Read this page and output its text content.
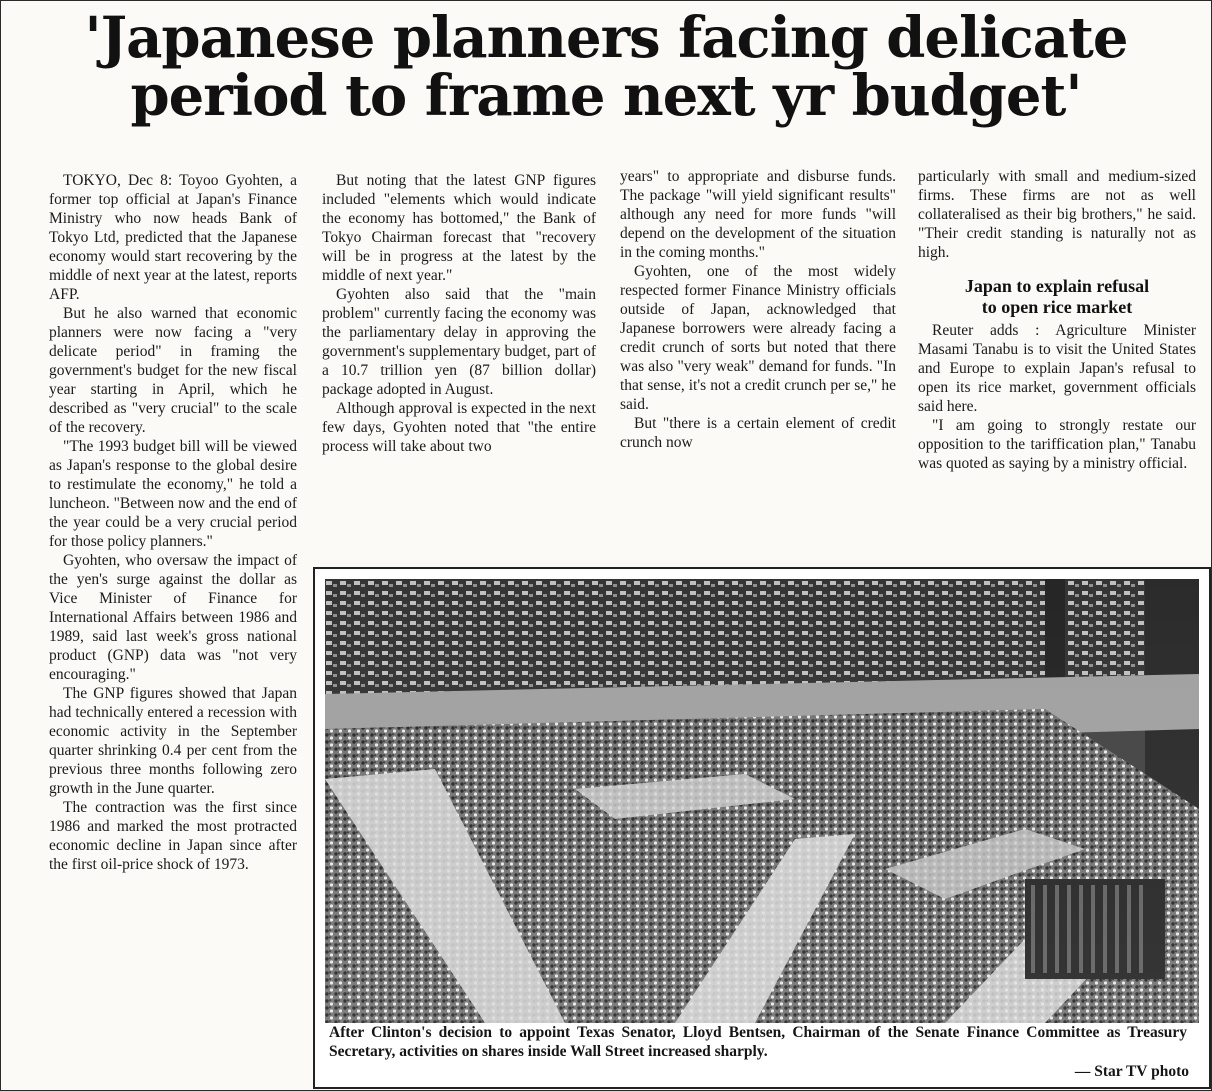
'Japanese planners facing delicate
period to frame next yr budget'

TOKYO, Dec 8: Toyoo Gyohten, a former top official at Japan's Finance Ministry who now heads Bank of Tokyo Ltd, predicted that the Japanese economy would start recovering by the middle of next year at the latest, reports AFP.

But he also warned that economic planners were now facing a "very delicate period" in framing the government's budget for the new fiscal year starting in April, which he described as "very crucial" to the scale of the recovery.

"The 1993 budget bill will be viewed as Japan's response to the global desire to restimulate the economy," he told a luncheon. "Between now and the end of the year could be a very crucial period for those policy planners."

Gyohten, who oversaw the impact of the yen's surge against the dollar as Vice Minister of Finance for International Affairs between 1986 and 1989, said last week's gross national product (GNP) data was "not very encouraging."

The GNP figures showed that Japan had technically entered a recession with economic activity in the September quarter shrinking 0.4 per cent from the previous three months following zero growth in the June quarter.

The contraction was the first since 1986 and marked the most protracted economic decline in Japan since after the first oil-price shock of 1973.

But noting that the latest GNP figures included "elements which would indicate the economy has bottomed," the Bank of Tokyo Chairman forecast that "recovery will be in progress at the latest by the middle of next year."

Gyohten also said that the "main problem" currently facing the economy was the parliamentary delay in approving the government's supplementary budget, part of a 10.7 trillion yen (87 billion dollar) package adopted in August.

Although approval is expected in the next few days, Gyohten noted that "the entire process will take about two

years" to appropriate and disburse funds. The package "will yield significant results" although any need for more funds "will depend on the development of the situation in the coming months."

Gyohten, one of the most widely respected former Finance Ministry officials outside of Japan, acknowledged that Japanese borrowers were already facing a credit crunch of sorts but noted that there was also "very weak" demand for funds. "In that sense, it's not a credit crunch per se," he said.

But "there is a certain element of credit crunch now

particularly with small and medium-sized firms. These firms are not as well collateralised as their big brothers," he said. "Their credit standing is naturally not as high.

Japan to explain refusal
to open rice market

Reuter adds : Agriculture Minister Masami Tanabu is to visit the United States and Europe to explain Japan's refusal to open its rice market, government officials said here.

"I am going to strongly restate our opposition to the tariffication plan," Tanabu was quoted as saying by a ministry official.

After Clinton's decision to appoint Texas Senator, Lloyd Bentsen, Chairman of the Senate Finance Committee as Treasury Secretary, activities on shares inside Wall Street increased sharply.
— Star TV photo
